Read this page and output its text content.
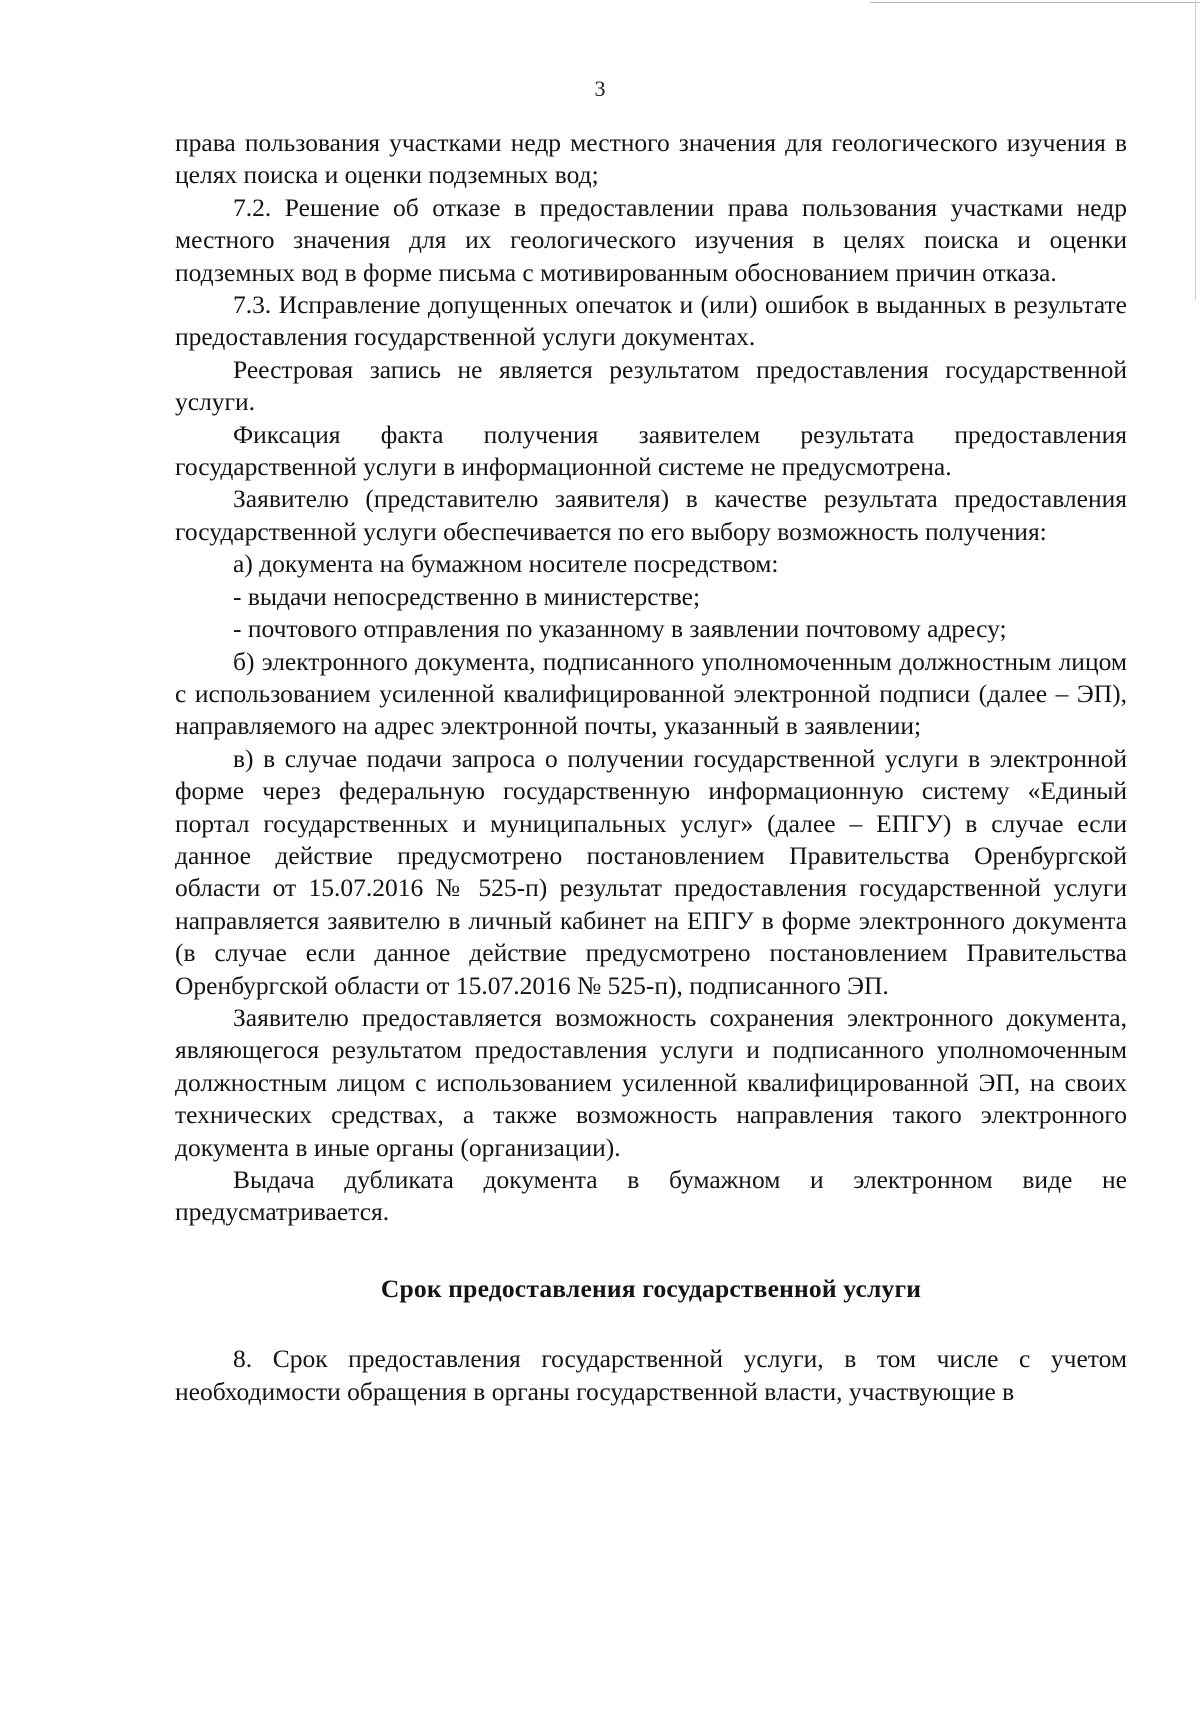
3

права пользования участками недр местного значения для геологического изучения в целях поиска и оценки подземных вод;

7.2. Решение об отказе в предоставлении права пользования участками недр местного значения для их геологического изучения в целях поиска и оценки подземных вод в форме письма с мотивированным обоснованием причин отказа.

7.3. Исправление допущенных опечаток и (или) ошибок в выданных в результате предоставления государственной услуги документах.

Реестровая запись не является результатом предоставления государственной услуги.

Фиксация факта получения заявителем результата предоставления государственной услуги в информационной системе не предусмотрена.

Заявителю (представителю заявителя) в качестве результата предоставления государственной услуги обеспечивается по его выбору возможность получения:

а) документа на бумажном носителе посредством:

- выдачи непосредственно в министерстве;

- почтового отправления по указанному в заявлении почтовому адресу;

б) электронного документа, подписанного уполномоченным должностным лицом с использованием усиленной квалифицированной электронной подписи (далее – ЭП), направляемого на адрес электронной почты, указанный в заявлении;

в) в случае подачи запроса о получении государственной услуги в электронной форме через федеральную государственную информационную систему «Единый портал государственных и муниципальных услуг» (далее – ЕПГУ) в случае если данное действие предусмотрено постановлением Правительства Оренбургской области от 15.07.2016 № 525-п) результат предоставления государственной услуги направляется заявителю в личный кабинет на ЕПГУ в форме электронного документа (в случае если данное действие предусмотрено постановлением Правительства Оренбургской области от 15.07.2016 № 525-п), подписанного ЭП.

Заявителю предоставляется возможность сохранения электронного документа, являющегося результатом предоставления услуги и подписанного уполномоченным должностным лицом с использованием усиленной квалифицированной ЭП, на своих технических средствах, а также возможность направления такого электронного документа в иные органы (организации).

Выдача дубликата документа в бумажном и электронном виде не предусматривается.

Срок предоставления государственной услуги

8. Срок предоставления государственной услуги, в том числе с учетом необходимости обращения в органы государственной власти, участвующие в
